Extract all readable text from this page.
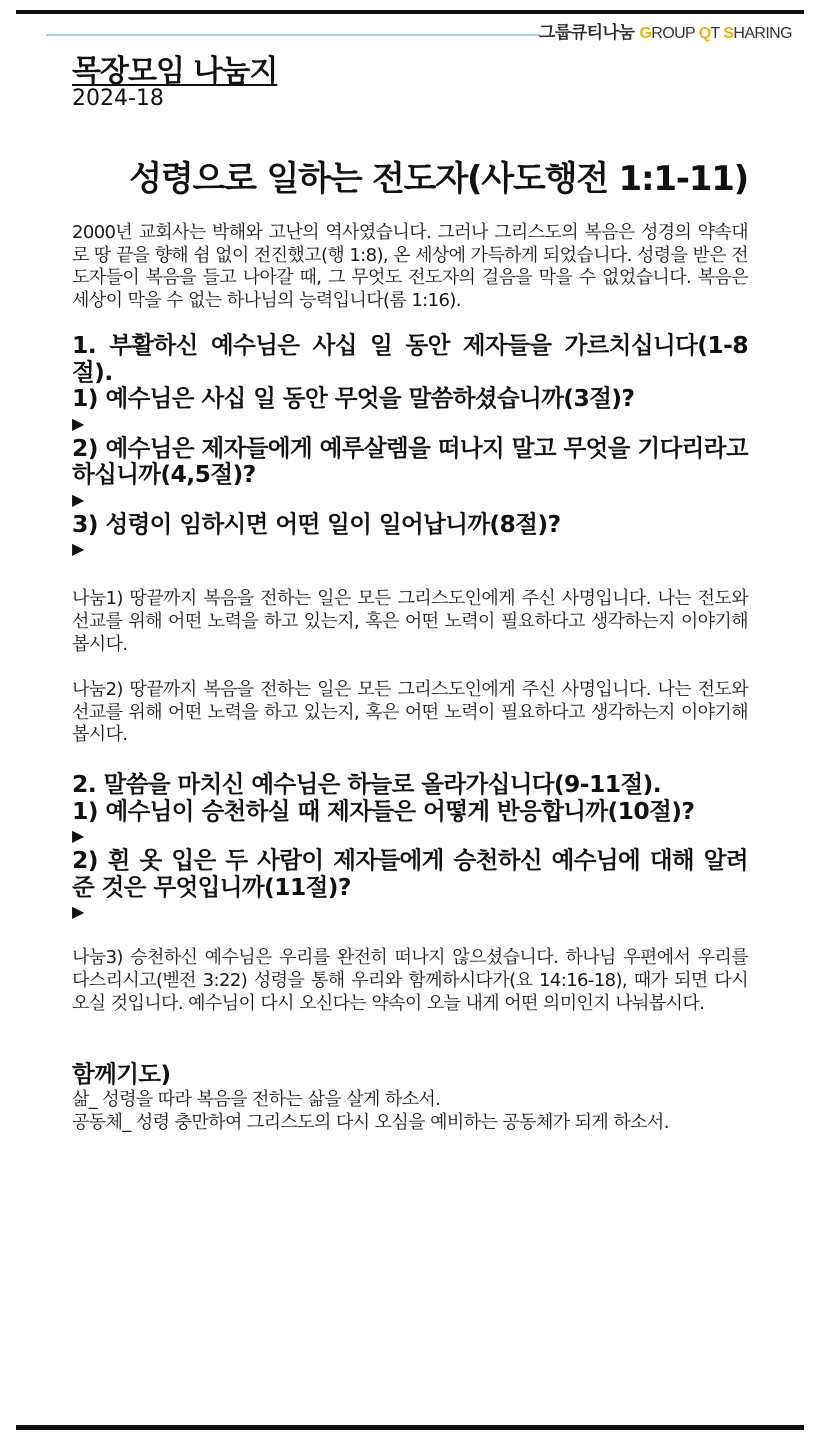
그룹큐티나눔 GROUP QT SHARING
목장모임 나눔지
2024-18
성령으로 일하는 전도자(사도행전 1:1-11)
2000년 교회사는 박해와 고난의 역사였습니다. 그러나 그리스도의 복음은 성경의 약속대로 땅 끝을 향해 쉼 없이 전진했고(행 1:8), 온 세상에 가득하게 되었습니다. 성령을 받은 전도자들이 복음을 들고 나아갈 때, 그 무엇도 전도자의 걸음을 막을 수 없었습니다. 복음은 세상이 막을 수 없는 하나님의 능력입니다(롬 1:16).
1. 부활하신 예수님은 사십 일 동안 제자들을 가르치십니다(1-8절).
1) 예수님은 사십 일 동안 무엇을 말씀하셨습니까(3절)?
▶
2) 예수님은 제자들에게 예루살렘을 떠나지 말고 무엇을 기다리라고 하십니까(4,5절)?
▶
3) 성령이 임하시면 어떤 일이 일어납니까(8절)?
▶
나눔1) 땅끝까지 복음을 전하는 일은 모든 그리스도인에게 주신 사명입니다. 나는 전도와 선교를 위해 어떤 노력을 하고 있는지, 혹은 어떤 노력이 필요하다고 생각하는지 이야기해봅시다.
나눔2) 땅끝까지 복음을 전하는 일은 모든 그리스도인에게 주신 사명입니다. 나는 전도와 선교를 위해 어떤 노력을 하고 있는지, 혹은 어떤 노력이 필요하다고 생각하는지 이야기해봅시다.
2. 말씀을 마치신 예수님은 하늘로 올라가십니다(9-11절).
1) 예수님이 승천하실 때 제자들은 어떻게 반응합니까(10절)?
▶
2) 흰 옷 입은 두 사람이 제자들에게 승천하신 예수님에 대해 알려준 것은 무엇입니까(11절)?
▶
나눔3) 승천하신 예수님은 우리를 완전히 떠나지 않으셨습니다. 하나님 우편에서 우리를 다스리시고(벧전 3:22) 성령을 통해 우리와 함께하시다가(요 14:16-18), 때가 되면 다시 오실 것입니다. 예수님이 다시 오신다는 약속이 오늘 내게 어떤 의미인지 나눠봅시다.
함께기도)
삶_ 성령을 따라 복음을 전하는 삶을 살게 하소서.
공동체_ 성령 충만하여 그리스도의 다시 오심을 예비하는 공동체가 되게 하소서.
